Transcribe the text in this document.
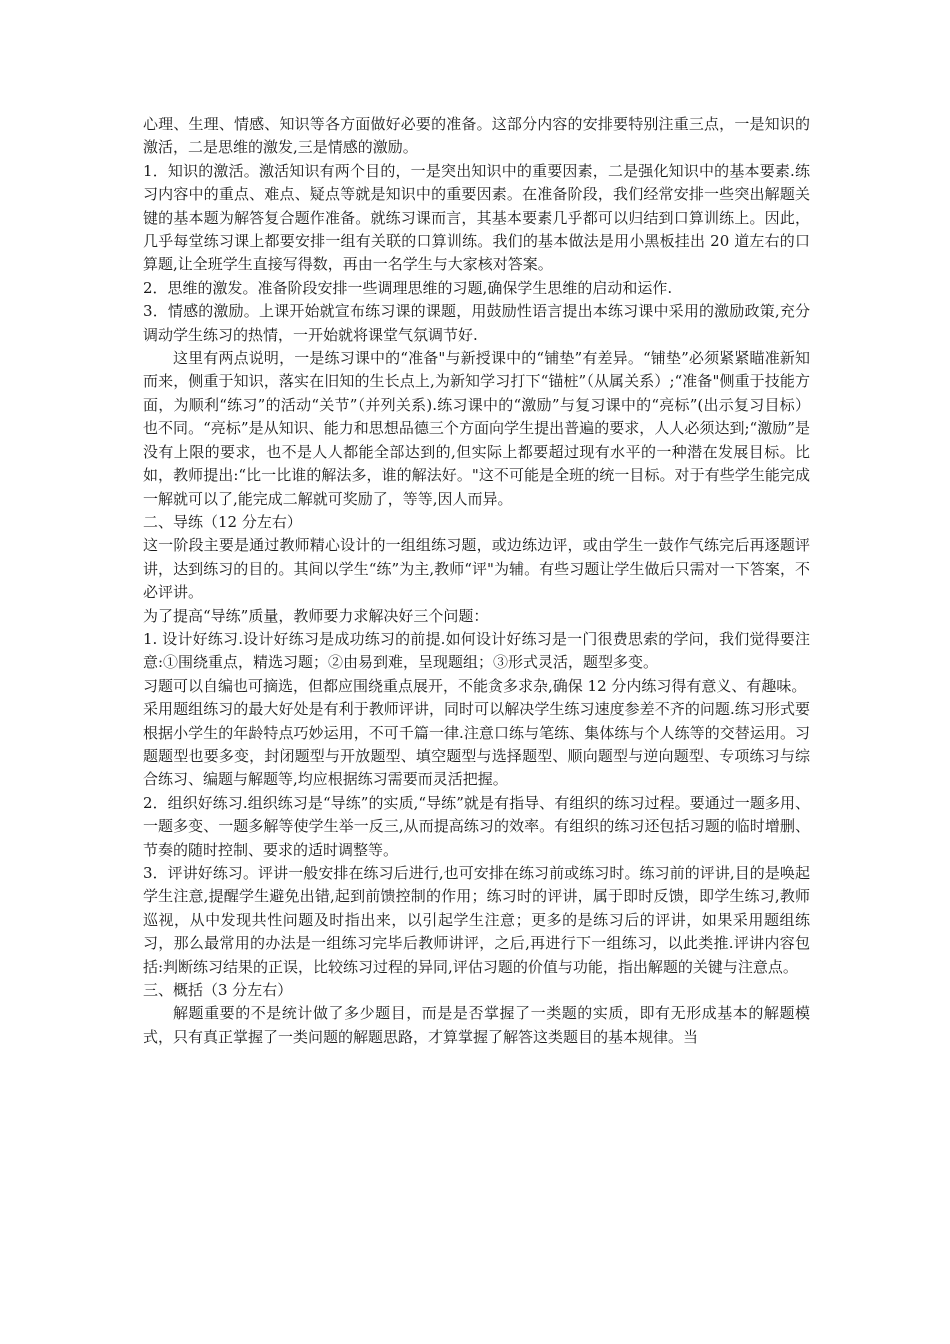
心理、生理、情感、知识等各方面做好必要的准备。这部分内容的安排要特别注重三点，一是知识的激活，二是思维的激发,三是情感的激励。

1．知识的激活。激活知识有两个目的，一是突出知识中的重要因素，二是强化知识中的基本要素.练习内容中的重点、难点、疑点等就是知识中的重要因素。在准备阶段，我们经常安排一些突出解题关键的基本题为解答复合题作准备。就练习课而言，其基本要素几乎都可以归结到口算训练上。因此，几乎每堂练习课上都要安排一组有关联的口算训练。我们的基本做法是用小黑板挂出 20 道左右的口算题,让全班学生直接写得数，再由一名学生与大家核对答案。

2．思维的激发。准备阶段安排一些调理思维的习题,确保学生思维的启动和运作.

3．情感的激励。上课开始就宣布练习课的课题，用鼓励性语言提出本练习课中采用的激励政策,充分调动学生练习的热情，一开始就将课堂气氛调节好.

这里有两点说明，一是练习课中的“准备"与新授课中的“铺垫”有差异。“铺垫”必须紧紧瞄准新知而来，侧重于知识，落实在旧知的生长点上,为新知学习打下“锚桩”（从属关系）;“准备"侧重于技能方面，为顺利“练习”的活动“关节”（并列关系).练习课中的“激励”与复习课中的“亮标”(出示复习目标）也不同。“亮标”是从知识、能力和思想品德三个方面向学生提出普遍的要求，人人必须达到;“激励”是没有上限的要求，也不是人人都能全部达到的,但实际上都要超过现有水平的一种潜在发展目标。比如，教师提出:“比一比谁的解法多，谁的解法好。"这不可能是全班的统一目标。对于有些学生能完成一解就可以了,能完成二解就可奖励了，等等,因人而异。

二、导练（12 分左右）

这一阶段主要是通过教师精心设计的一组组练习题，或边练边评，或由学生一鼓作气练完后再逐题评讲，达到练习的目的。其间以学生“练”为主,教师“评"为辅。有些习题让学生做后只需对一下答案，不必评讲。

为了提高“导练”质量，教师要力求解决好三个问题：

1. 设计好练习.设计好练习是成功练习的前提.如何设计好练习是一门很费思索的学问，我们觉得要注意:①围绕重点，精选习题；②由易到难，呈现题组；③形式灵活，题型多变。

习题可以自编也可摘选，但都应围绕重点展开，不能贪多求杂,确保 12 分内练习得有意义、有趣味。

采用题组练习的最大好处是有利于教师评讲，同时可以解决学生练习速度参差不齐的问题.练习形式要根据小学生的年龄特点巧妙运用，不可千篇一律.注意口练与笔练、集体练与个人练等的交替运用。习题题型也要多变，封闭题型与开放题型、填空题型与选择题型、顺向题型与逆向题型、专项练习与综合练习、编题与解题等,均应根据练习需要而灵活把握。

2．组织好练习.组织练习是“导练”的实质,“导练”就是有指导、有组织的练习过程。要通过一题多用、一题多变、一题多解等使学生举一反三,从而提高练习的效率。有组织的练习还包括习题的临时增删、节奏的随时控制、要求的适时调整等。

3．评讲好练习。评讲一般安排在练习后进行,也可安排在练习前或练习时。练习前的评讲,目的是唤起学生注意,提醒学生避免出错,起到前馈控制的作用；练习时的评讲，属于即时反馈，即学生练习,教师巡视，从中发现共性问题及时指出来，以引起学生注意；更多的是练习后的评讲，如果采用题组练习，那么最常用的办法是一组练习完毕后教师讲评，之后,再进行下一组练习，以此类推.评讲内容包括:判断练习结果的正误，比较练习过程的异同,评估习题的价值与功能，指出解题的关键与注意点。

三、概括（3 分左右）

解题重要的不是统计做了多少题目，而是是否掌握了一类题的实质，即有无形成基本的解题模式，只有真正掌握了一类问题的解题思路，才算掌握了解答这类题目的基本规律。当
